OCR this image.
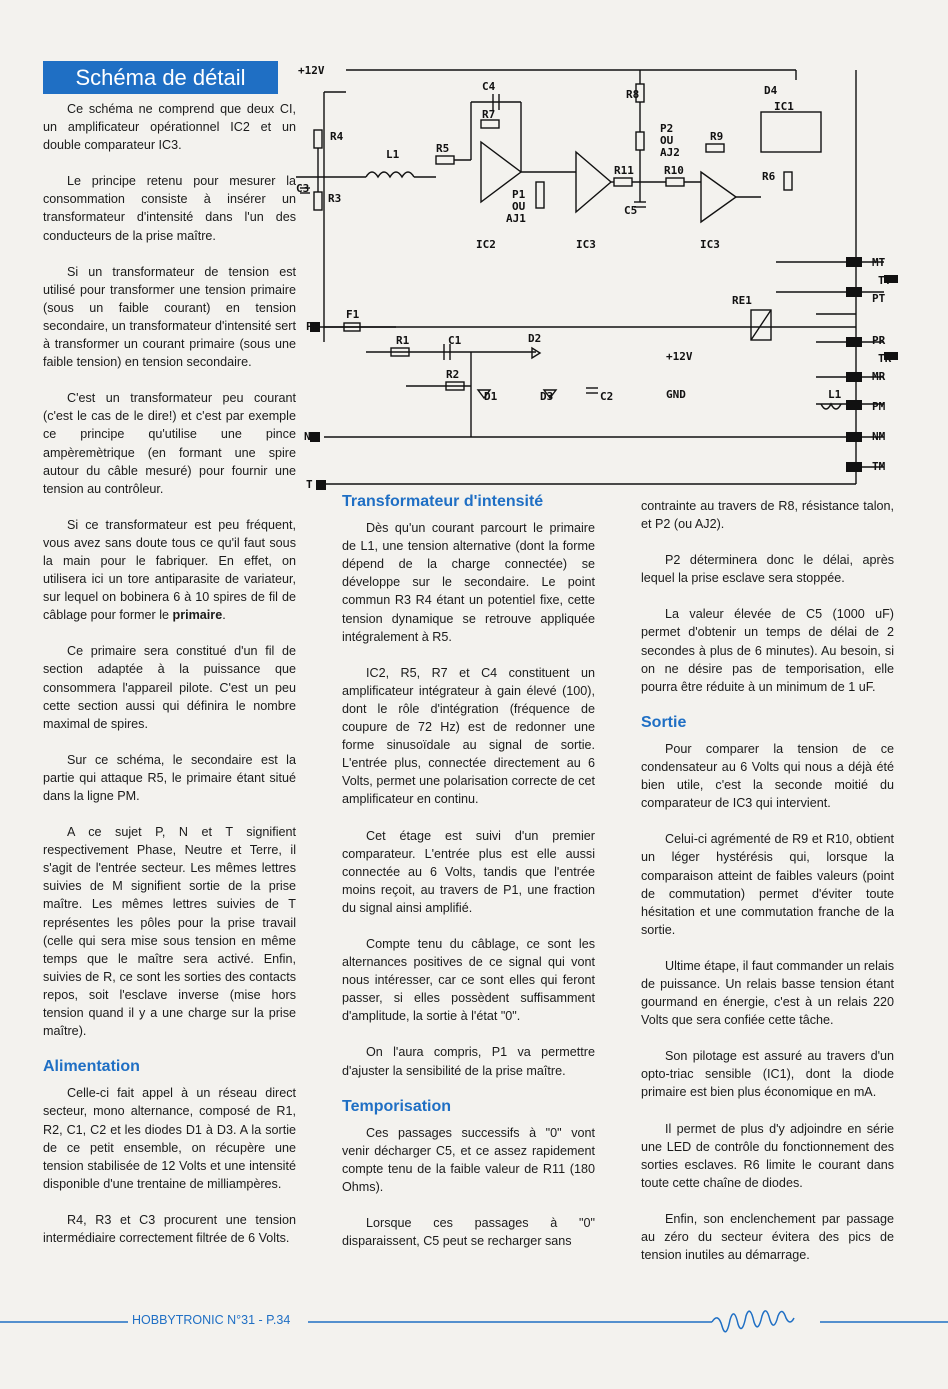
Schéma de détail	+12V
C4
R7
R8	D4
IC1
R4
L1	R5
P2
OU
AJ2
R9
C3
R3	P1
OU
AJ1
R11	R10	R6
C5
IC2	IC3	IC3
MT
TT
PT
RE1
PR
TR
MR
PM
NM
TM
PE
F1
R1	C1	D2
+12V
R2
D1	D3	C2	GND	L1
N
T

Ce schéma ne comprend que deux CI, un amplificateur opérationnel IC2 et un double comparateur IC3.

Le principe retenu pour mesurer la consommation consiste à insérer un transformateur d'intensité dans l'un des conducteurs de la prise maître.

Si un transformateur de tension est utilisé pour transformer une tension primaire (sous un faible courant) en tension secondaire, un transformateur d'intensité sert à transformer un courant primaire (sous une faible tension) en tension secondaire.

C'est un transformateur peu courant (c'est le cas de le dire!) et c'est par exemple ce principe qu'utilise une pince ampèremètrique (en formant une spire autour du câble mesuré) pour fournir une tension au contrôleur.

Si ce transformateur est peu fréquent, vous avez sans doute tous ce qu'il faut sous la main pour le fabriquer. En effet, on utilisera ici un tore antiparasite de variateur, sur lequel on bobinera 6 à 10 spires de fil de câblage pour former le primaire.

Ce primaire sera constitué d'un fil de section adaptée à la puissance que consommera l'appareil pilote. C'est un peu cette section aussi qui définira le nombre maximal de spires.

Sur ce schéma, le secondaire est la partie qui attaque R5, le primaire étant situé dans la ligne PM.

A ce sujet P, N et T signifient respectivement Phase, Neutre et Terre, il s'agit de l'entrée secteur. Les mêmes lettres suivies de M signifient sortie de la prise maître. Les mêmes lettres suivies de T représentes les pôles pour la prise travail (celle qui sera mise sous tension en même temps que le maître sera activé. Enfin, suivies de R, ce sont les sorties des contacts repos, soit l'esclave inverse (mise hors tension quand il y a une charge sur la prise maître).

Alimentation

Celle-ci fait appel à un réseau direct secteur, mono alternance, composé de R1, R2, C1, C2 et les diodes D1 à D3. A la sortie de ce petit ensemble, on récupère une tension stabilisée de 12 Volts et une intensité disponible d'une trentaine de milliampères.

R4, R3 et C3 procurent une tension intermédiaire correctement filtrée de 6 Volts.

Transformateur d'intensité

Dès qu'un courant parcourt le primaire de L1, une tension alternative (dont la forme dépend de la charge connectée) se développe sur le secondaire. Le point commun R3 R4 étant un potentiel fixe, cette tension dynamique se retrouve appliquée intégralement à R5.

IC2, R5, R7 et C4 constituent un amplificateur intégrateur à gain élevé (100), dont le rôle d'intégration (fréquence de coupure de 72 Hz) est de redonner une forme sinusoïdale au signal de sortie. L'entrée plus, connectée directement au 6 Volts, permet une polarisation correcte de cet amplificateur en continu.

Cet étage est suivi d'un premier comparateur. L'entrée plus est elle aussi connectée au 6 Volts, tandis que l'entrée moins reçoit, au travers de P1, une fraction du signal ainsi amplifié.

Compte tenu du câblage, ce sont les alternances positives de ce signal qui vont nous intéresser, car ce sont elles qui feront passer, si elles possèdent suffisamment d'amplitude, la sortie à l'état "0".

On l'aura compris, P1 va permettre d'ajuster la sensibilité de la prise maître.

Temporisation

Ces passages successifs à "0" vont venir décharger C5, et ce assez rapidement compte tenu de la faible valeur de R11 (180 Ohms).

Lorsque ces passages à "0" disparaissent, C5 peut se recharger sans

contrainte au travers de R8, résistance talon, et P2 (ou AJ2).

P2 déterminera donc le délai, après lequel la prise esclave sera stoppée.

La valeur élevée de C5 (1000 uF) permet d'obtenir un temps de délai de 2 secondes à plus de 6 minutes). Au besoin, si on ne désire pas de temporisation, elle pourra être réduite à un minimum de 1 uF.

Sortie

Pour comparer la tension de ce condensateur au 6 Volts qui nous a déjà été bien utile, c'est la seconde moitié du comparateur de IC3 qui intervient.

Celui-ci agrémenté de R9 et R10, obtient un léger hystérésis qui, lorsque la comparaison atteint de faibles valeurs (point de commutation) permet d'éviter toute hésitation et une commutation franche de la sortie.

Ultime étape, il faut commander un relais de puissance. Un relais basse tension étant gourmand en énergie, c'est à un relais 220 Volts que sera confiée cette tâche.

Son pilotage est assuré au travers d'un opto-triac sensible (IC1), dont la diode primaire est bien plus économique en mA.

Il permet de plus d'y adjoindre en série une LED de contrôle du fonctionnement des sorties esclaves. R6 limite le courant dans toute cette chaîne de diodes.

Enfin, son enclenchement par passage au zéro du secteur évitera des pics de tension inutiles au démarrage.

HOBBYTRONIC N°31 - P.34
